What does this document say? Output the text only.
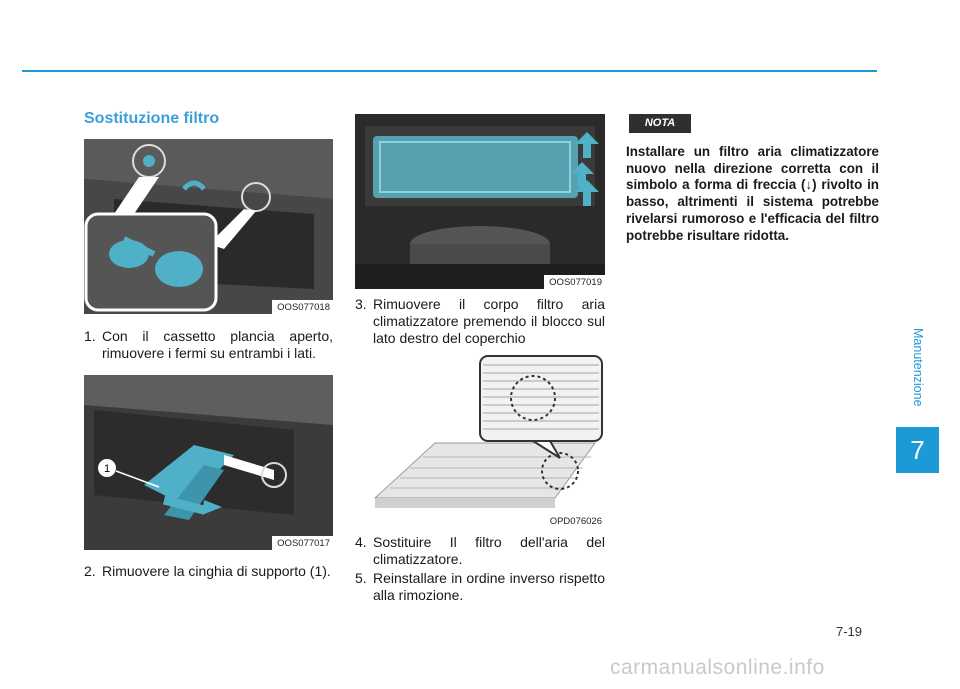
Sostituzione filtro
OOS077018
1. Con il cassetto plancia aperto, rimuovere i fermi su entrambi i lati.
1
OOS077017
2. Rimuovere la cinghia di supporto (1).
OOS077019
3. Rimuovere il corpo filtro aria climatizzatore premendo il blocco sul lato destro del coperchio
OPD076026
4. Sostituire Il filtro dell'aria del climatizzatore.
5. Reinstallare in ordine inverso rispetto alla rimozione.
NOTA
Installare un filtro aria climatizzatore nuovo nella direzione corretta con il simbolo a forma di freccia (↓) rivolto in basso, altrimenti il sistema potrebbe rivelarsi rumoroso e l'efficacia del filtro potrebbe risultare ridotta.
Manutenzione
7
7-19
carmanualsonline.info
